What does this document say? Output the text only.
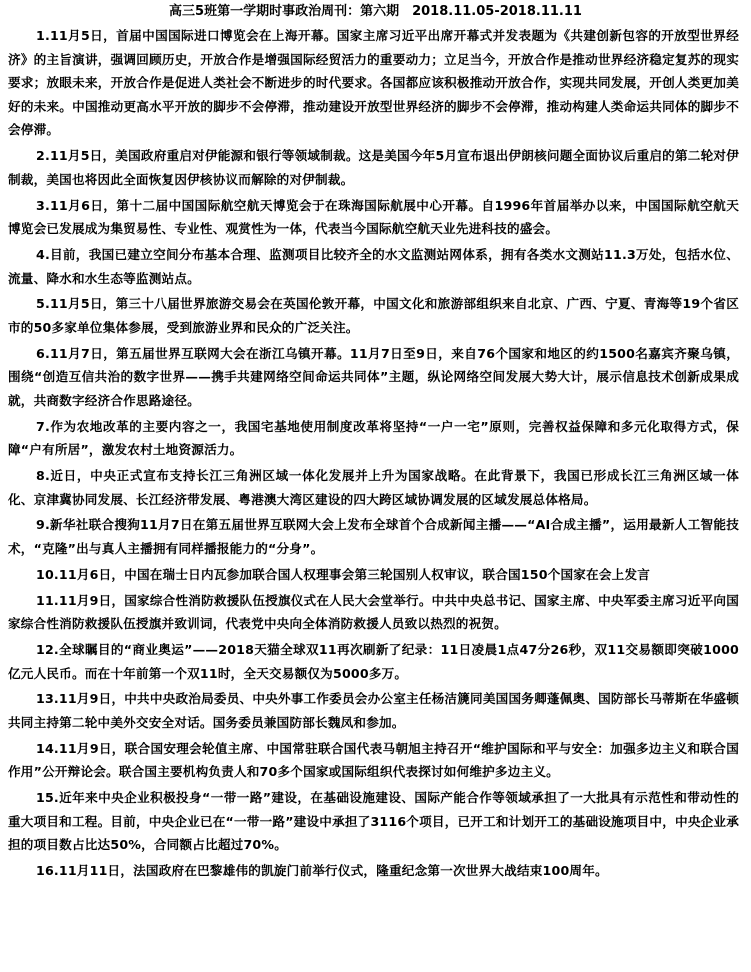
高三5班第一学期时事政治周刊：第六期　2018.11.05-2018.11.11

1.11月5日，首届中国国际进口博览会在上海开幕。国家主席习近平出席开幕式并发表题为《共建创新包容的开放型世界经济》的主旨演讲，强调回顾历史，开放合作是增强国际经贸活力的重要动力；立足当今，开放合作是推动世界经济稳定复苏的现实要求；放眼未来，开放合作是促进人类社会不断进步的时代要求。各国都应该积极推动开放合作，实现共同发展，开创人类更加美好的未来。中国推动更高水平开放的脚步不会停滞，推动建设开放型世界经济的脚步不会停滞，推动构建人类命运共同体的脚步不会停滞。

2.11月5日，美国政府重启对伊能源和银行等领域制裁。这是美国今年5月宣布退出伊朗核问题全面协议后重启的第二轮对伊制裁，美国也将因此全面恢复因伊核协议而解除的对伊制裁。

3.11月6日，第十二届中国国际航空航天博览会于在珠海国际航展中心开幕。自1996年首届举办以来，中国国际航空航天博览会已发展成为集贸易性、专业性、观赏性为一体，代表当今国际航空航天业先进科技的盛会。

4.目前，我国已建立空间分布基本合理、监测项目比较齐全的水文监测站网体系，拥有各类水文测站11.3万处，包括水位、流量、降水和水生态等监测站点。

5.11月5日，第三十八届世界旅游交易会在英国伦敦开幕，中国文化和旅游部组织来自北京、广西、宁夏、青海等19个省区市的50多家单位集体参展，受到旅游业界和民众的广泛关注。

6.11月7日，第五届世界互联网大会在浙江乌镇开幕。11月7日至9日，来自76个国家和地区的约1500名嘉宾齐聚乌镇，围绕“创造互信共治的数字世界——携手共建网络空间命运共同体”主题，纵论网络空间发展大势大计，展示信息技术创新成果成就，共商数字经济合作思路途径。

7.作为农地改革的主要内容之一，我国宅基地使用制度改革将坚持“一户一宅”原则，完善权益保障和多元化取得方式，保障“户有所居”，激发农村土地资源活力。

8.近日，中央正式宣布支持长江三角洲区域一体化发展并上升为国家战略。在此背景下，我国已形成长江三角洲区域一体化、京津冀协同发展、长江经济带发展、粤港澳大湾区建设的四大跨区域协调发展的区域发展总体格局。

9.新华社联合搜狗11月7日在第五届世界互联网大会上发布全球首个合成新闻主播——“AI合成主播”，运用最新人工智能技术，“克隆”出与真人主播拥有同样播报能力的“分身”。

10.11月6日，中国在瑞士日内瓦参加联合国人权理事会第三轮国别人权审议，联合国150个国家在会上发言

11.11月9日，国家综合性消防救援队伍授旗仪式在人民大会堂举行。中共中央总书记、国家主席、中央军委主席习近平向国家综合性消防救援队伍授旗并致训词，代表党中央向全体消防救援人员致以热烈的祝贺。

12.全球瞩目的“商业奥运”——2018天猫全球双11再次刷新了纪录：11日凌晨1点47分26秒，双11交易额即突破1000亿元人民币。而在十年前第一个双11时，全天交易额仅为5000多万。

13.11月9日，中共中央政治局委员、中央外事工作委员会办公室主任杨洁篪同美国国务卿蓬佩奥、国防部长马蒂斯在华盛顿共同主持第二轮中美外交安全对话。国务委员兼国防部长魏凤和参加。

14.11月9日，联合国安理会轮值主席、中国常驻联合国代表马朝旭主持召开“维护国际和平与安全：加强多边主义和联合国作用”公开辩论会。联合国主要机构负责人和70多个国家或国际组织代表探讨如何维护多边主义。

15.近年来中央企业积极投身“一带一路”建设，在基础设施建设、国际产能合作等领域承担了一大批具有示范性和带动性的重大项目和工程。目前，中央企业已在“一带一路”建设中承担了3116个项目，已开工和计划开工的基础设施项目中，中央企业承担的项目数占比达50%，合同额占比超过70%。

16.11月11日，法国政府在巴黎雄伟的凯旋门前举行仪式，隆重纪念第一次世界大战结束100周年。
